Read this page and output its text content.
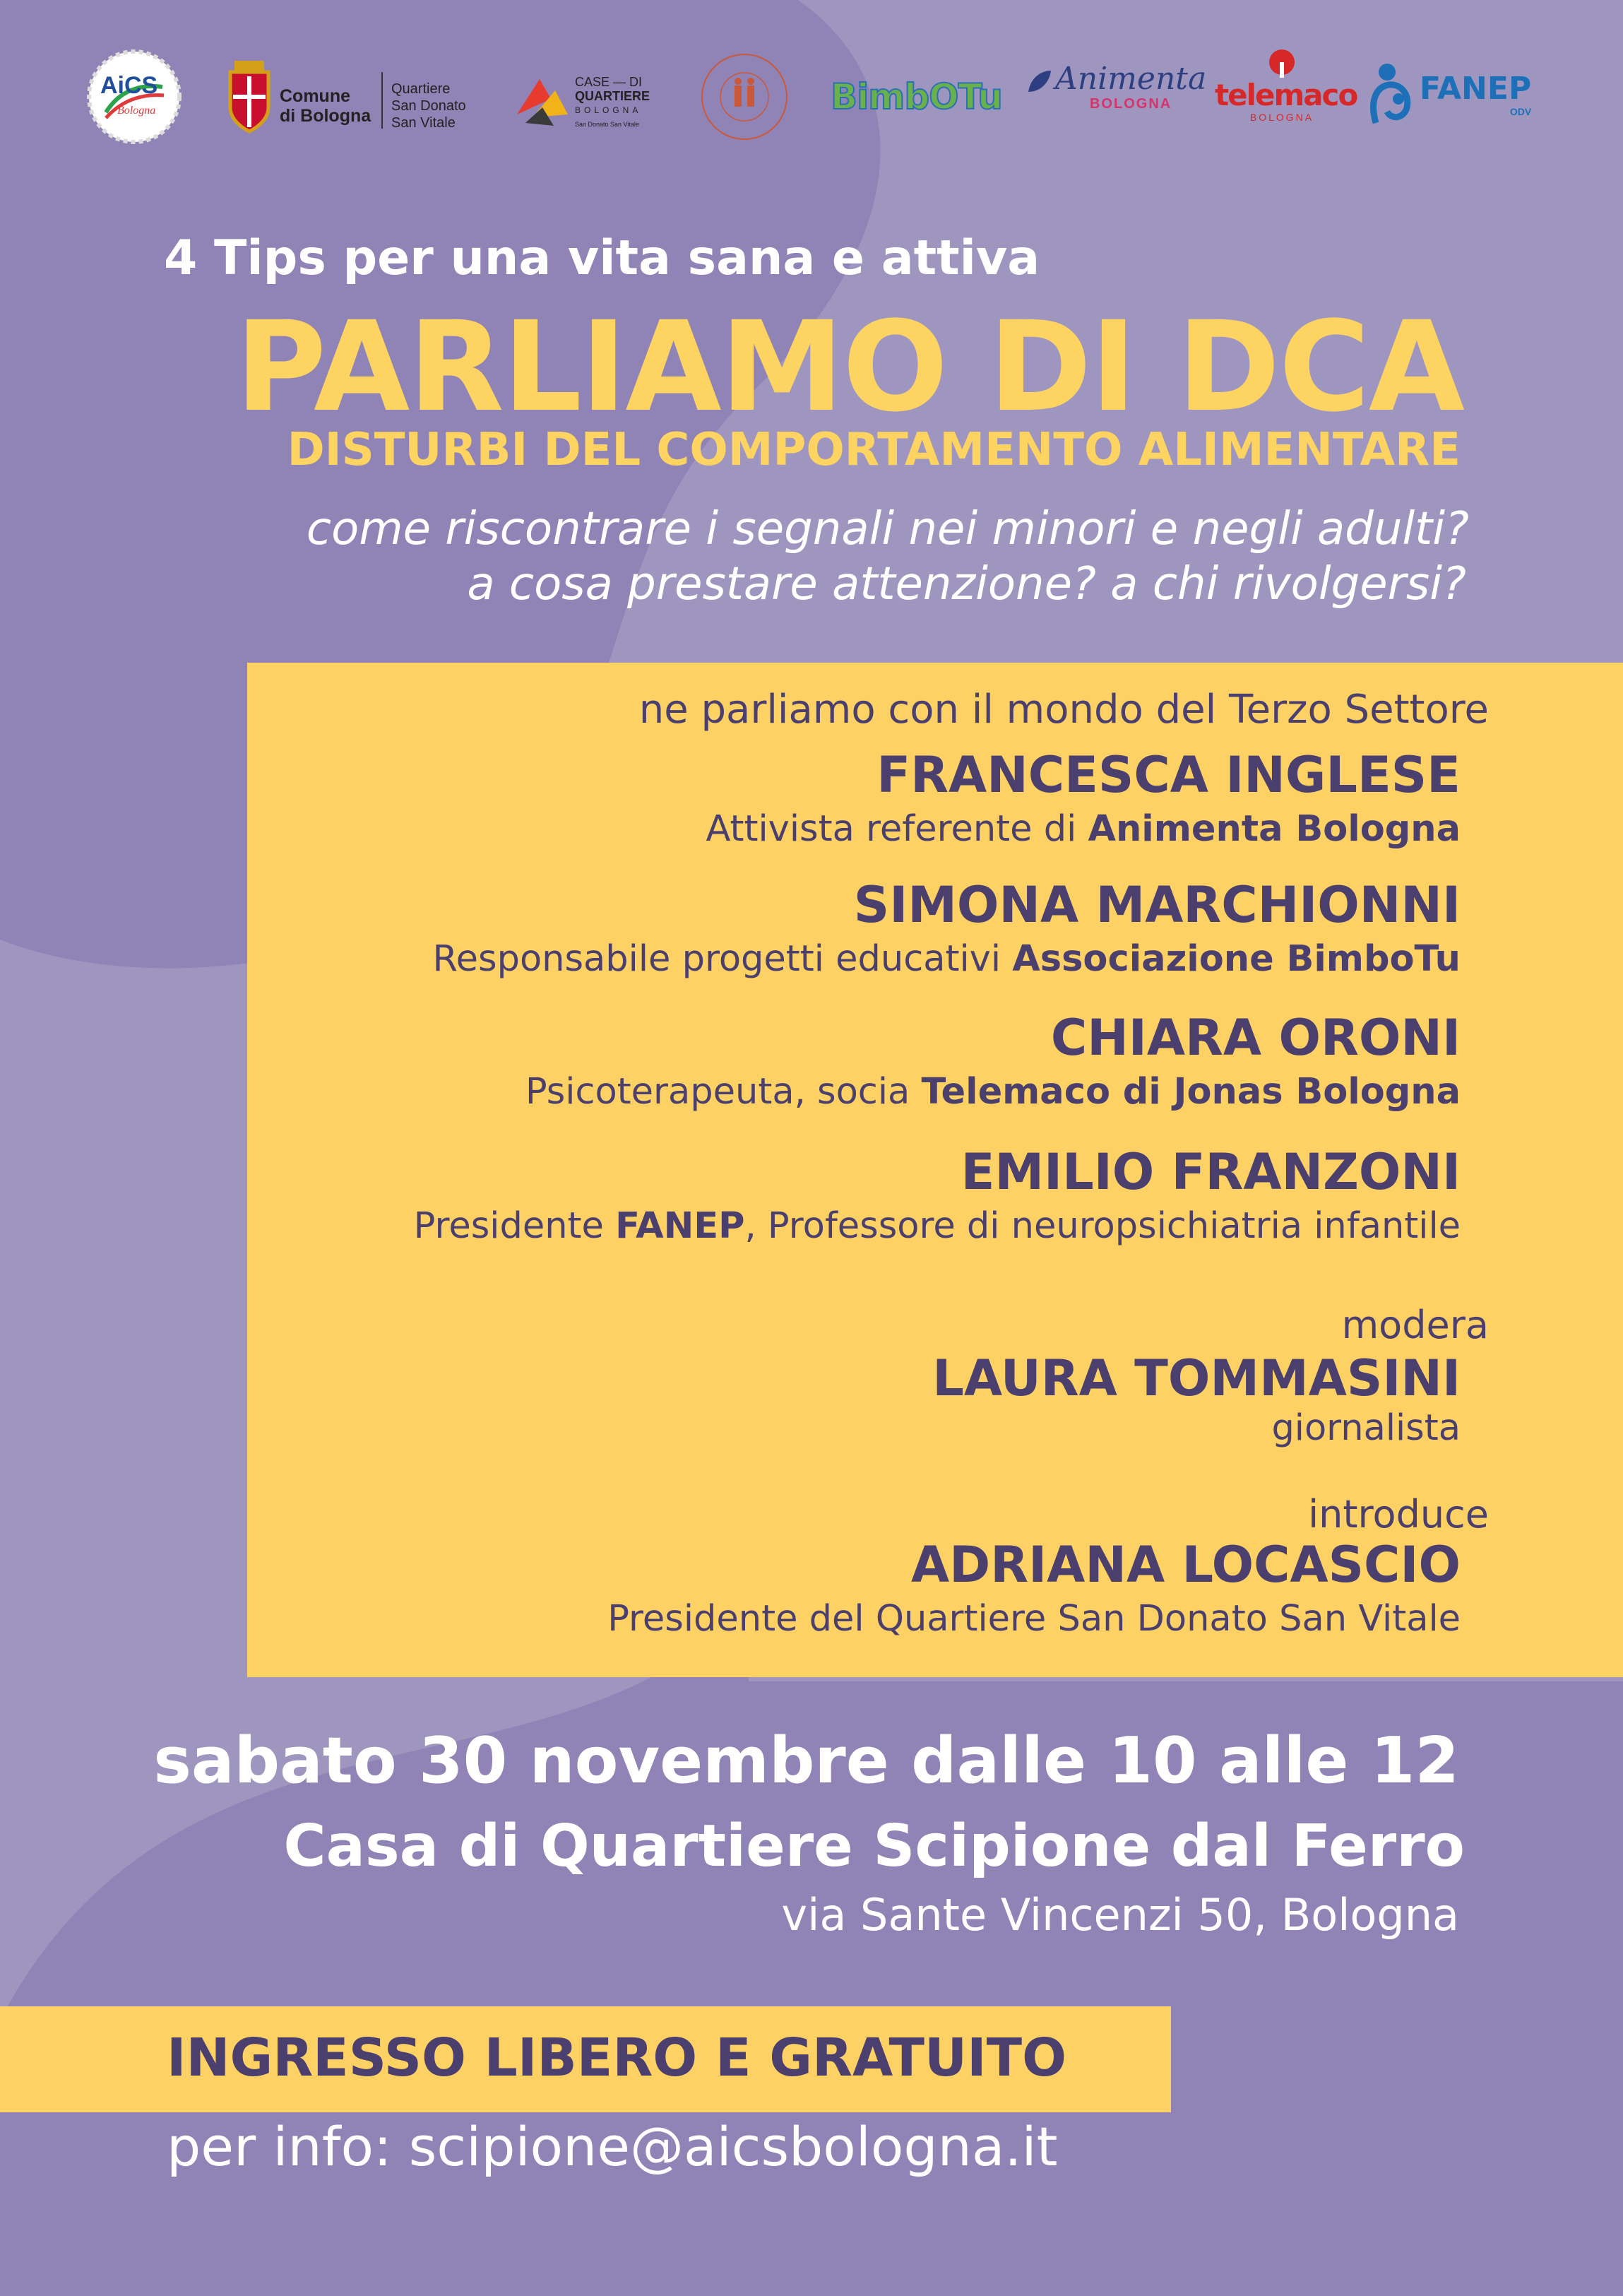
AiCS
Bologna
Comune
di Bologna
Quartiere
San Donato
San Vitale
CASE — DI
QUARTIERE
BOLOGNA
San Donato San Vitale
BimbOTu Animenta
BOLOGNA	telemaco
BOLOGNA
FANEP
ODV
4 Tips per una vita sana e attiva
PARLIAMO DI DCA
DISTURBI DEL COMPORTAMENTO ALIMENTARE
come riscontrare i segnali nei minori e negli adulti?
a cosa prestare attenzione? a chi rivolgersi?
ne parliamo con il mondo del Terzo Settore
FRANCESCA INGLESE
Attivista referente di Animenta Bologna
SIMONA MARCHIONNI
Responsabile progetti educativi Associazione BimboTu
CHIARA ORONI
Psicoterapeuta, socia Telemaco di Jonas Bologna
EMILIO FRANZONI
Presidente FANEP, Professore di neuropsichiatria infantile
modera
LAURA TOMMASINI
giornalista
introduce
ADRIANA LOCASCIO
Presidente del Quartiere San Donato San Vitale
sabato 30 novembre dalle 10 alle 12
Casa di Quartiere Scipione dal Ferro
via Sante Vincenzi 50, Bologna
INGRESSO LIBERO E GRATUITO
per info: scipione@aicsbologna.it
